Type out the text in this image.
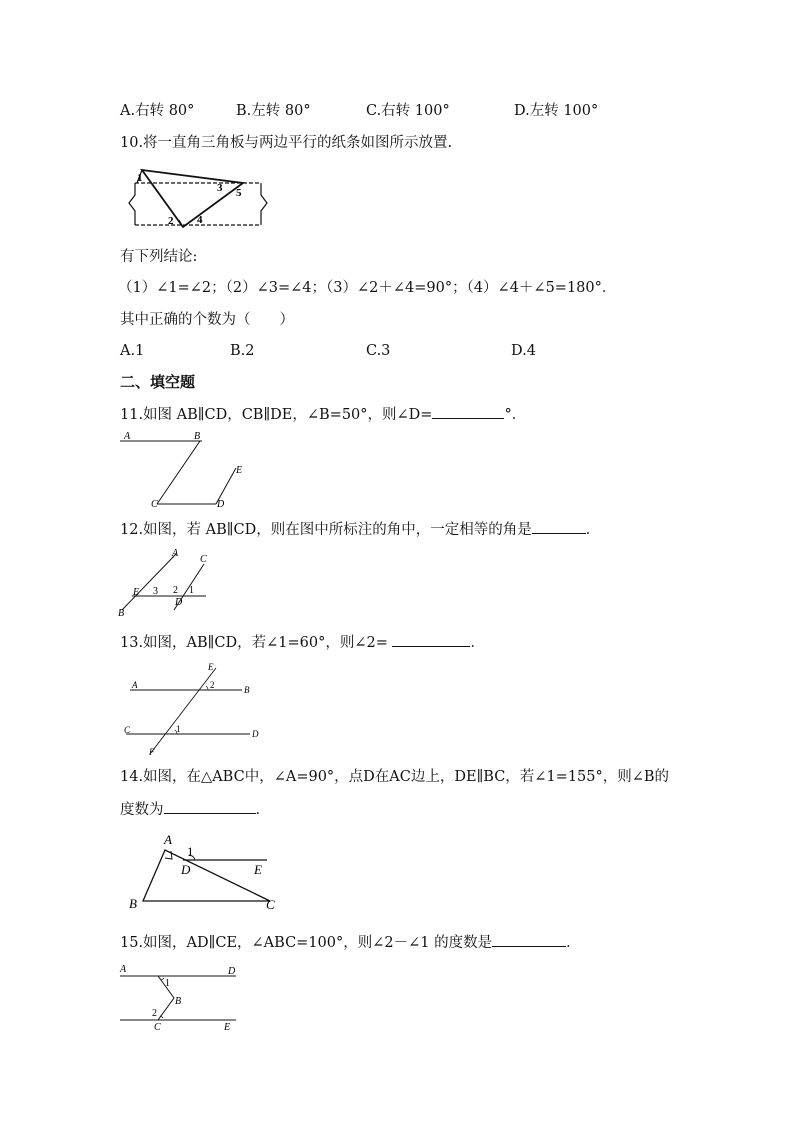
A.右转 80°	B.左转 80°	C.右转 100°	D.左转 100°
10.将一直角三角板与两边平行的纸条如图所示放置.
1
3 5
2 4
有下列结论:
（1）∠1=∠2；（2）∠3=∠4；（3）∠2＋∠4=90°；（4）∠4＋∠5=180°．
其中正确的个数为（　　）
A.1	B.2	C.3	D.4
二、填空题
11.如图 AB∥CD，CB∥DE，∠B=50°，则∠D=	°．
A	B
C	D
E
12.如图，若 AB∥CD，则在图中所标注的角中，一定相等的角是	．
A
C
E 3 2 1
D
B
13.如图，AB∥CD，若∠1=60°，则∠2=	．
E
A	2	B
C	1	D
F
14.如图，在△ABC中，∠A=90°，点D在AC边上，DE∥BC，若∠1=155°，则∠B的
度数为	．
A
1
D	E
B	C
15.如图，AD∥CE，∠ABC=100°，则∠2－∠1 的度数是	．
A	D
1
B
2
C	E
